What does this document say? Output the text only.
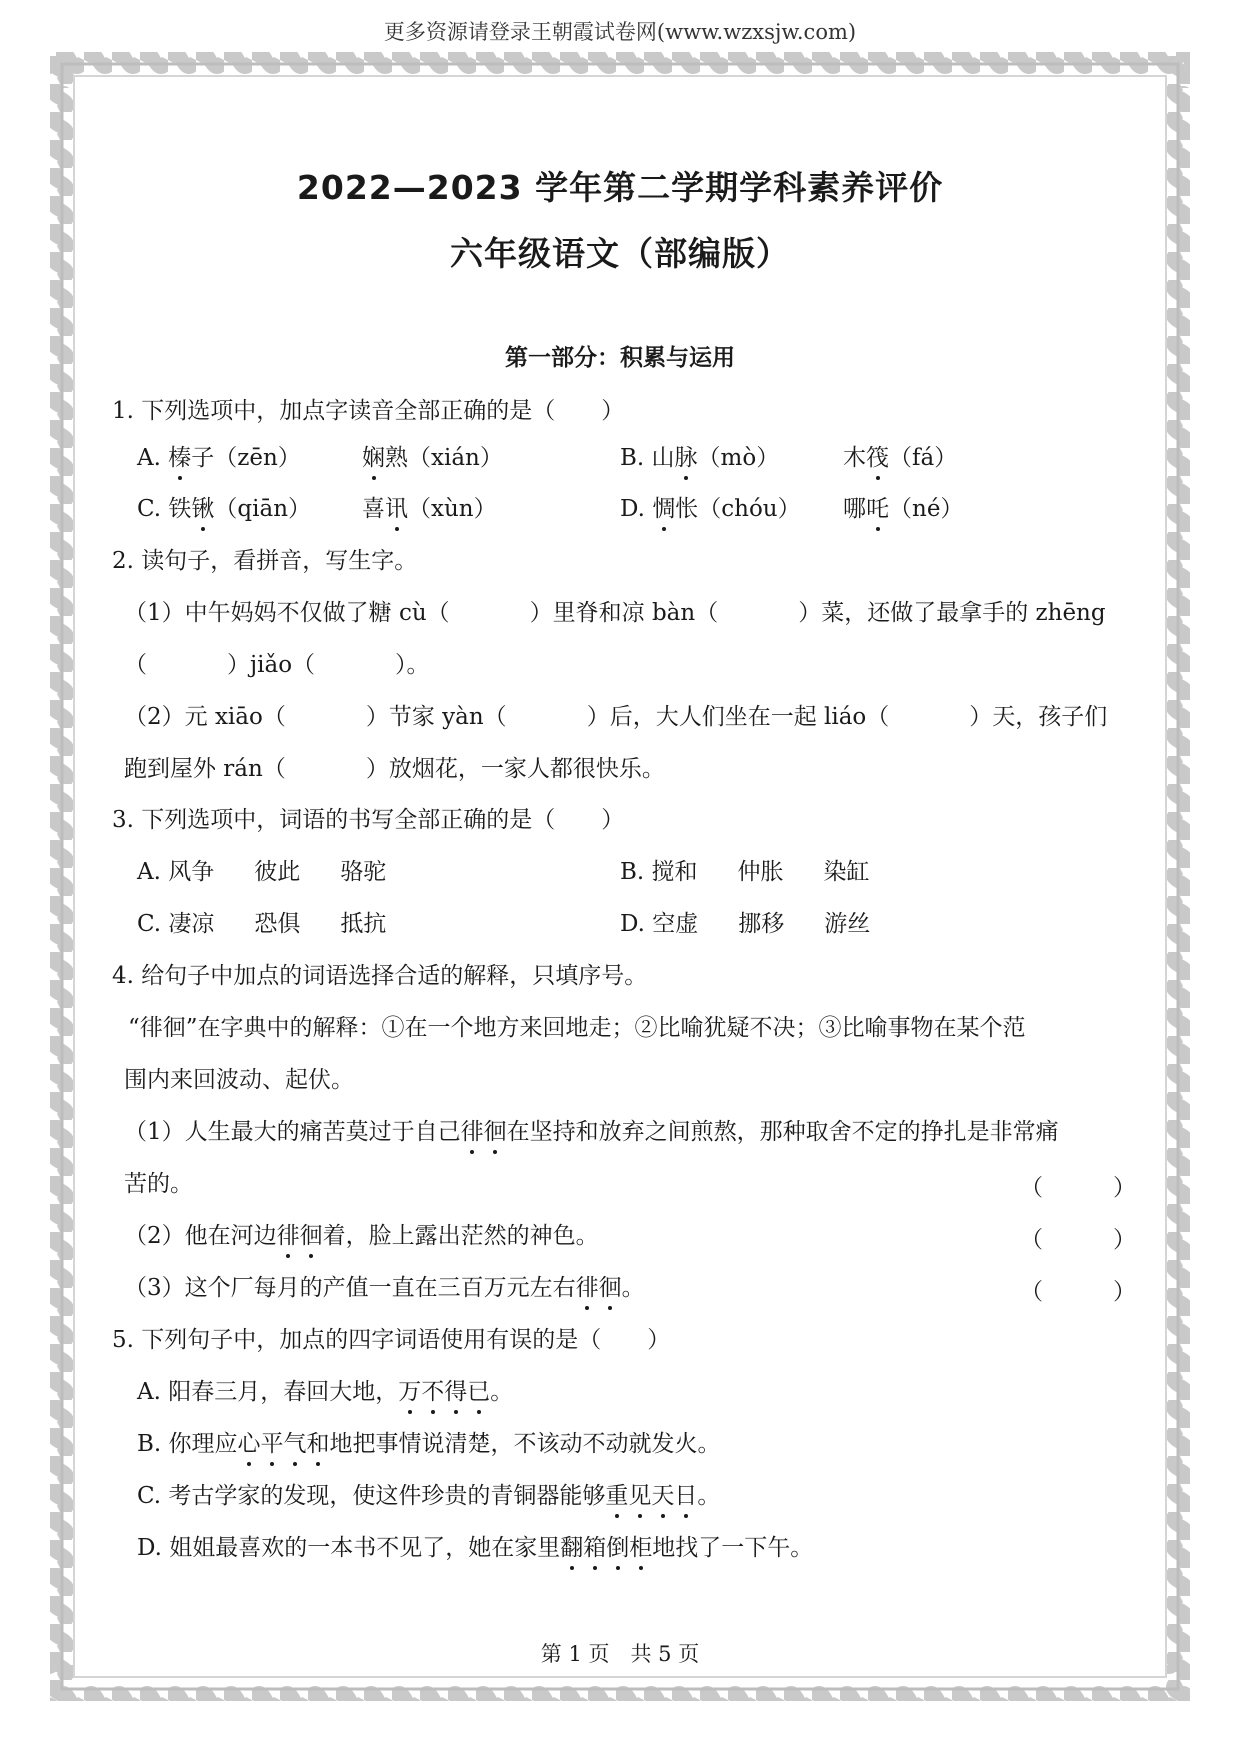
更多资源请登录王朝霞试卷网(www.wzxsjw.com)
2022—2023 学年第二学期学科素养评价
六年级语文（部编版）
第一部分：积累与运用
1. 下列选项中，加点字读音全部正确的是（　　）
A. 榛子（zēn）	娴熟（xián）	B. 山脉（mò）	木筏（fá）
C. 铁锹（qiān） 喜讯（xùn）	D. 惆怅（chóu） 哪吒（né）
2. 读句子，看拼音，写生字。
（1）中午妈妈不仅做了糖 cù（	）里脊和凉 bàn（	）菜，还做了最拿手的 zhēng
（	）jiǎo（	）。
（2）元 xiāo（	）节家 yàn（	）后，大人们坐在一起 liáo（	）天，孩子们
跑到屋外 rán（	）放烟花，一家人都很快乐。
3. 下列选项中，词语的书写全部正确的是（　　）
A. 风争 彼此 骆驼	B. 搅和 仲胀 染缸
C. 凄凉 恐俱 抵抗	D. 空虚 挪移 游丝
4. 给句子中加点的词语选择合适的解释，只填序号。
“徘徊”在字典中的解释：①在一个地方来回地走；②比喻犹疑不决；③比喻事物在某个范
围内来回波动、起伏。
（1）人生最大的痛苦莫过于自己徘徊在坚持和放弃之间煎熬，那种取舍不定的挣扎是非常痛
苦的。	（	）
（2）他在河边徘徊着，脸上露出茫然的神色。	（	）
（3）这个厂每月的产值一直在三百万元左右徘徊。	（	）
5. 下列句子中，加点的四字词语使用有误的是（　　）
A. 阳春三月，春回大地，万不得已。
B. 你理应心平气和地把事情说清楚，不该动不动就发火。
C. 考古学家的发现，使这件珍贵的青铜器能够重见天日。
D. 姐姐最喜欢的一本书不见了，她在家里翻箱倒柜地找了一下午。
第 1 页　共 5 页
